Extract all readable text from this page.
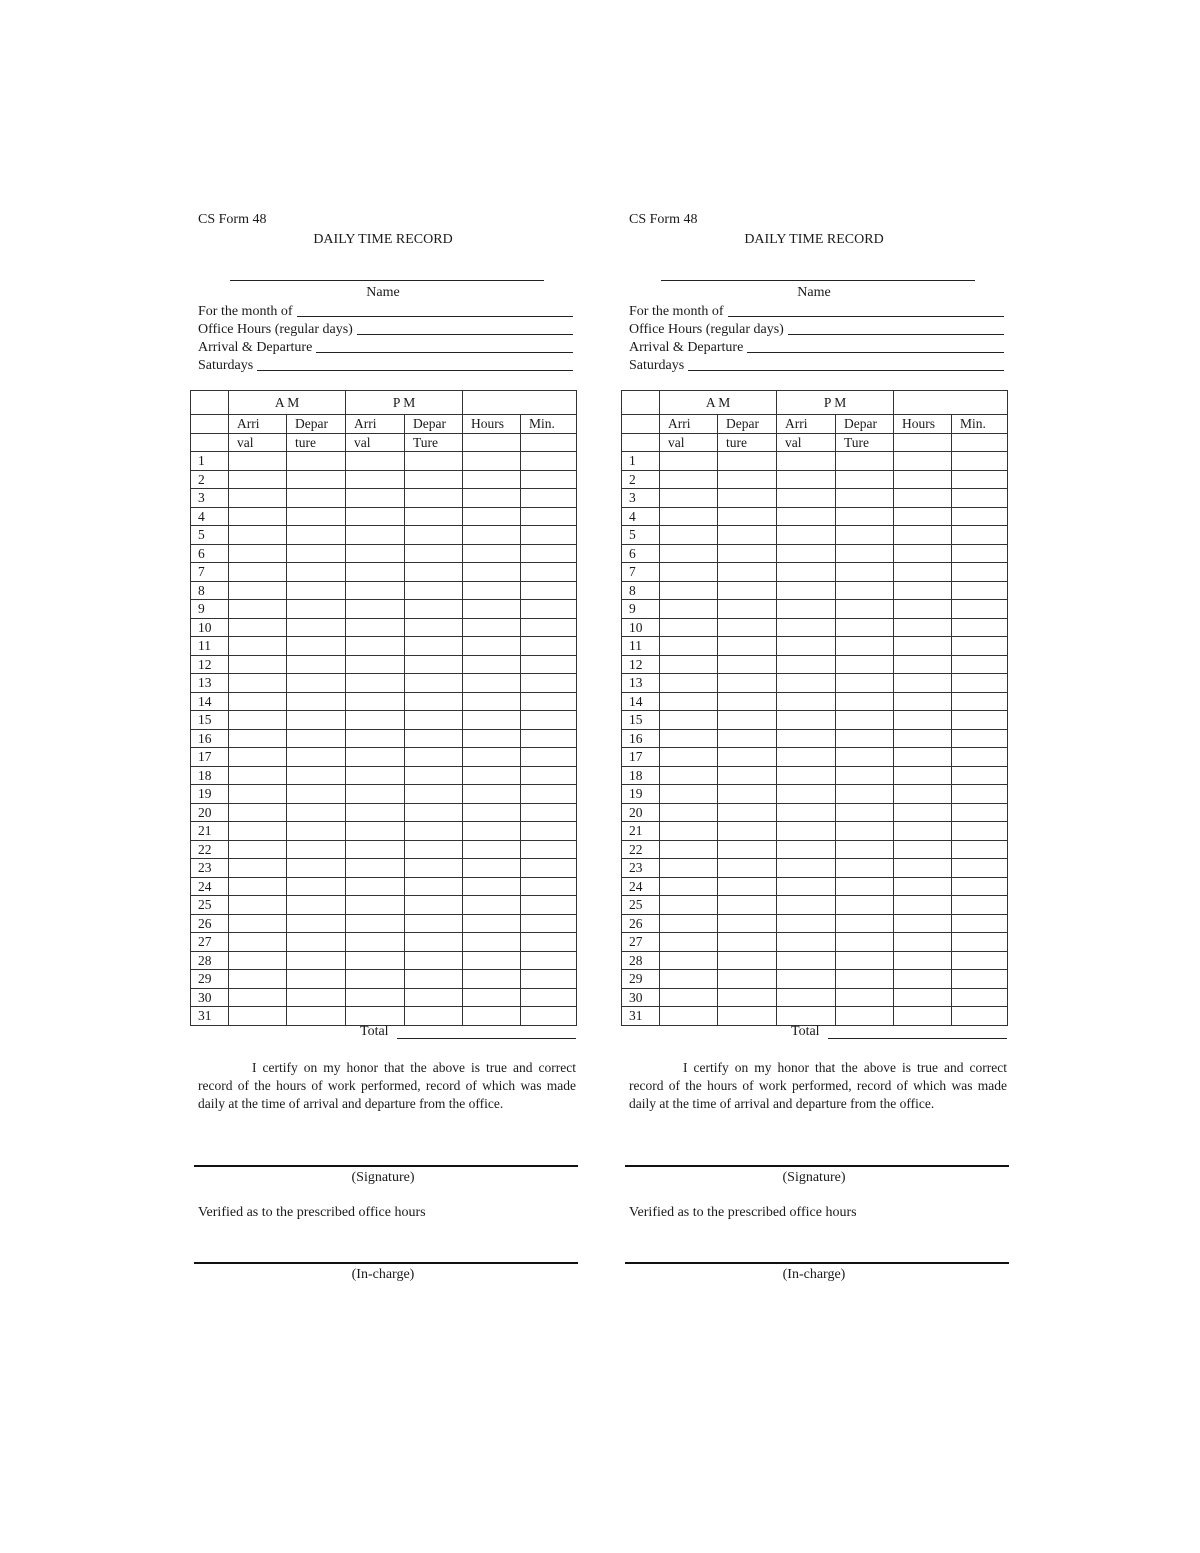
CS Form 48
DAILY TIME RECORD
Name
For the month of
Office Hours (regular days)
Arrival & Departure
Saturdays
	A M		P M			
	Arri	Depar	Arri	Depar	Hours	Min.
	val	ture	val	Ture		
1						
2						
3						
4						
5						
6						
7						
8						
9						
10						
11						
12						
13						
14						
15						
16						
17						
18						
19						
20						
21						
22						
23						
24						
25						
26						
27						
28						
29						
30						
31						
Total
I certify on my honor that the above is true and correct record of the hours of work performed, record of which was made daily at the time of arrival and departure from the office.
(Signature)
Verified as to the prescribed office hours
(In-charge)
CS Form 48
DAILY TIME RECORD
Name
For the month of
Office Hours (regular days)
Arrival & Departure
Saturdays
	A M		P M			
	Arri	Depar	Arri	Depar	Hours	Min.
	val	ture	val	Ture		
1						
2						
3						
4						
5						
6						
7						
8						
9						
10						
11						
12						
13						
14						
15						
16						
17						
18						
19						
20						
21						
22						
23						
24						
25						
26						
27						
28						
29						
30						
31						
Total
I certify on my honor that the above is true and correct record of the hours of work performed, record of which was made daily at the time of arrival and departure from the office.
(Signature)
Verified as to the prescribed office hours
(In-charge)
